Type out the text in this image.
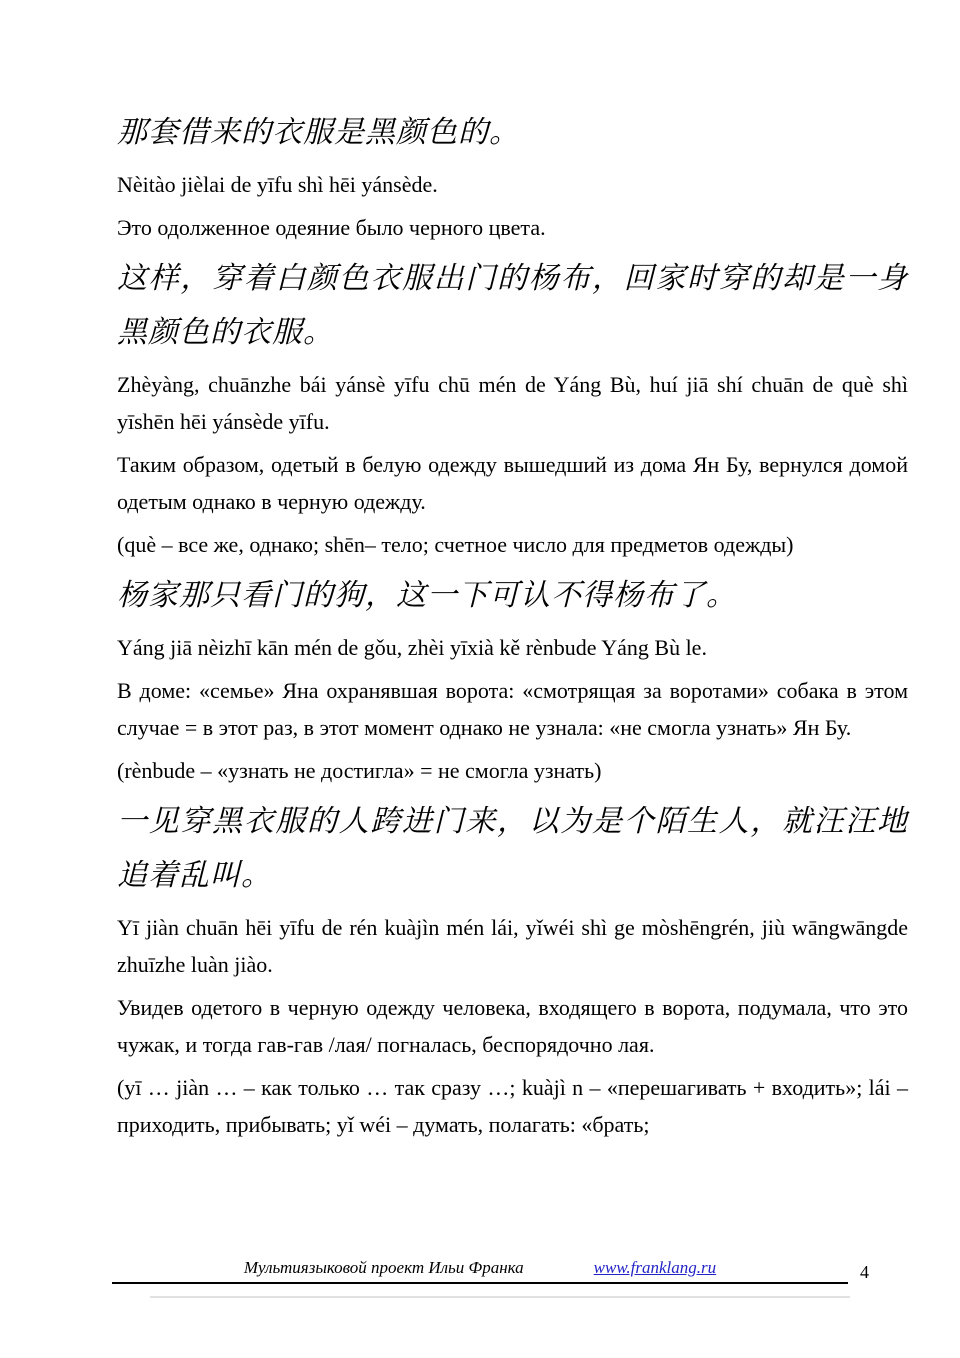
那套借来的衣服是黑颜色的。

Nèitào jièlai de yīfu shì hēi yánsède.

Это одолженное одеяние было черного цвета.

这样，穿着白颜色衣服出门的杨布，回家时穿的却是一身黑颜色的衣服。

Zhèyàng, chuānzhe bái yánsè yīfu chū mén de Yáng Bù, huí jiā shí chuān de què shì yīshēn hēi yánsède yīfu.

Таким образом, одетый в белую одежду вышедший из дома Ян Бу, вернулся домой одетым однако в черную одежду.

(què – все же, однако; shēn– тело; счетное число для предметов одежды)

杨家那只看门的狗，这一下可认不得杨布了。

Yáng jiā nèizhī kān mén de gǒu, zhèi yīxià kě rènbude Yáng Bù le.

В доме: «семье» Яна охранявшая ворота: «смотрящая за воротами» собака в этом случае = в этот раз, в этот момент однако не узнала: «не смогла узнать» Ян Бу.

(rènbude – «узнать не достигла» = не смогла узнать)

一见穿黑衣服的人跨进门来，以为是个陌生人，就汪汪地追着乱叫。

Yī jiàn chuān hēi yīfu de rén kuàjìn mén lái, yǐwéi shì ge mòshēngrén, jiù wāngwāngde zhuīzhe luàn jiào.

Увидев одетого в черную одежду человека, входящего в ворота, подумала, что это чужак, и тогда гав-гав /лая/ погналась, беспорядочно лая.

(yī … jiàn … – как только … так сразу …; kuàjì n – «перешагивать + входить»; lái – приходить, прибывать; yǐ wéi – думать, полагать: «брать;

Мультиязыковой проект Ильи Франка	www.franklang.ru	4
